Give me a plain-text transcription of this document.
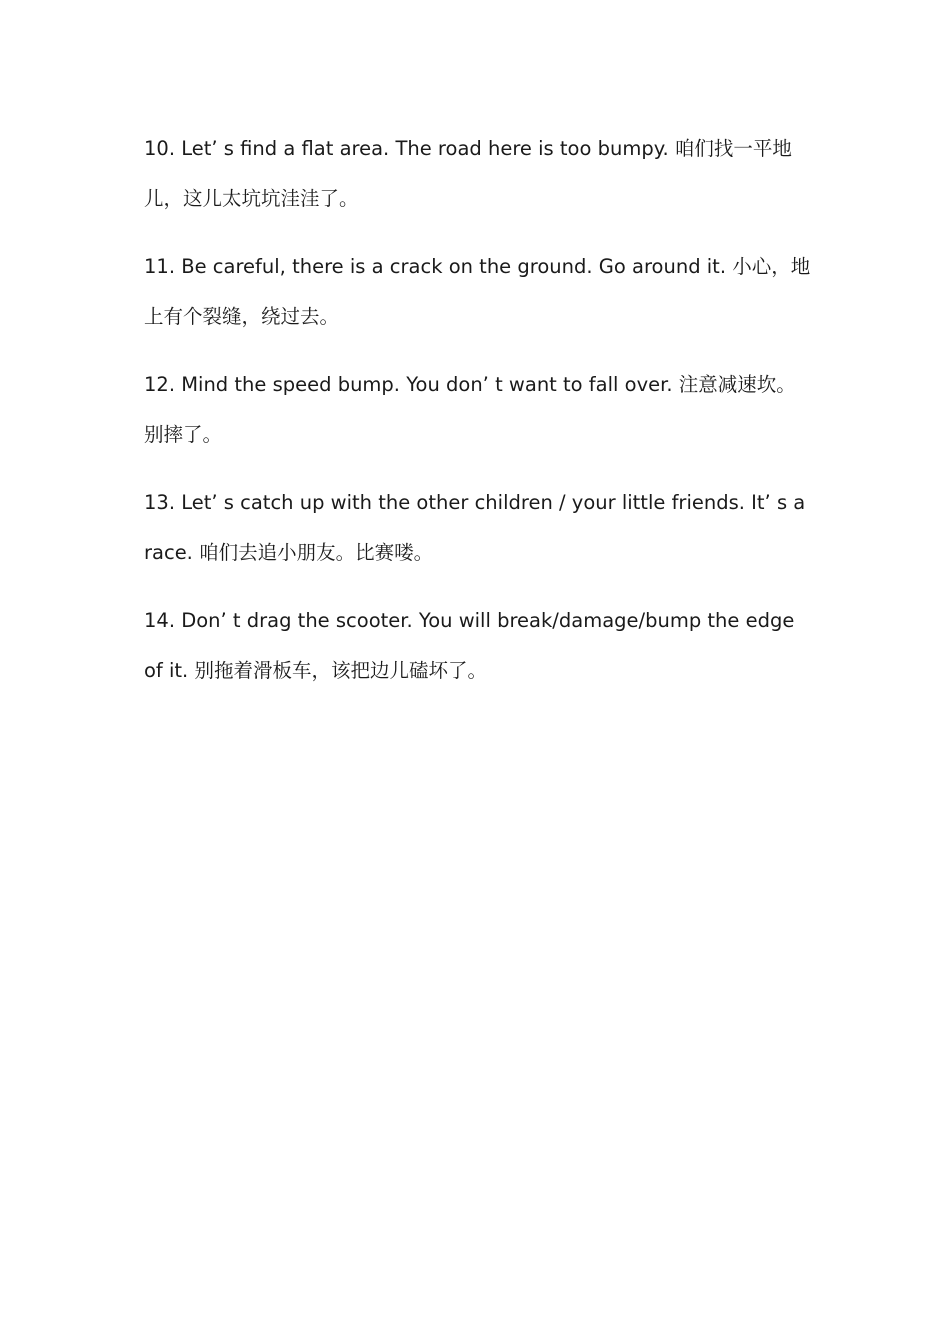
10. Let’ s find a flat area. The road here is too bumpy. 咱们找一平地儿，这儿太坑坑洼洼了。

11. Be careful, there is a crack on the ground. Go around it. 小心，地上有个裂缝，绕过去。

12. Mind the speed bump. You don’ t want to fall over. 注意减速坎。别摔了。

13. Let’ s catch up with the other children / your little friends. It’ s a race. 咱们去追小朋友。比赛喽。

14. Don’ t drag the scooter. You will break/damage/bump the edge of it. 别拖着滑板车，该把边儿磕坏了。
